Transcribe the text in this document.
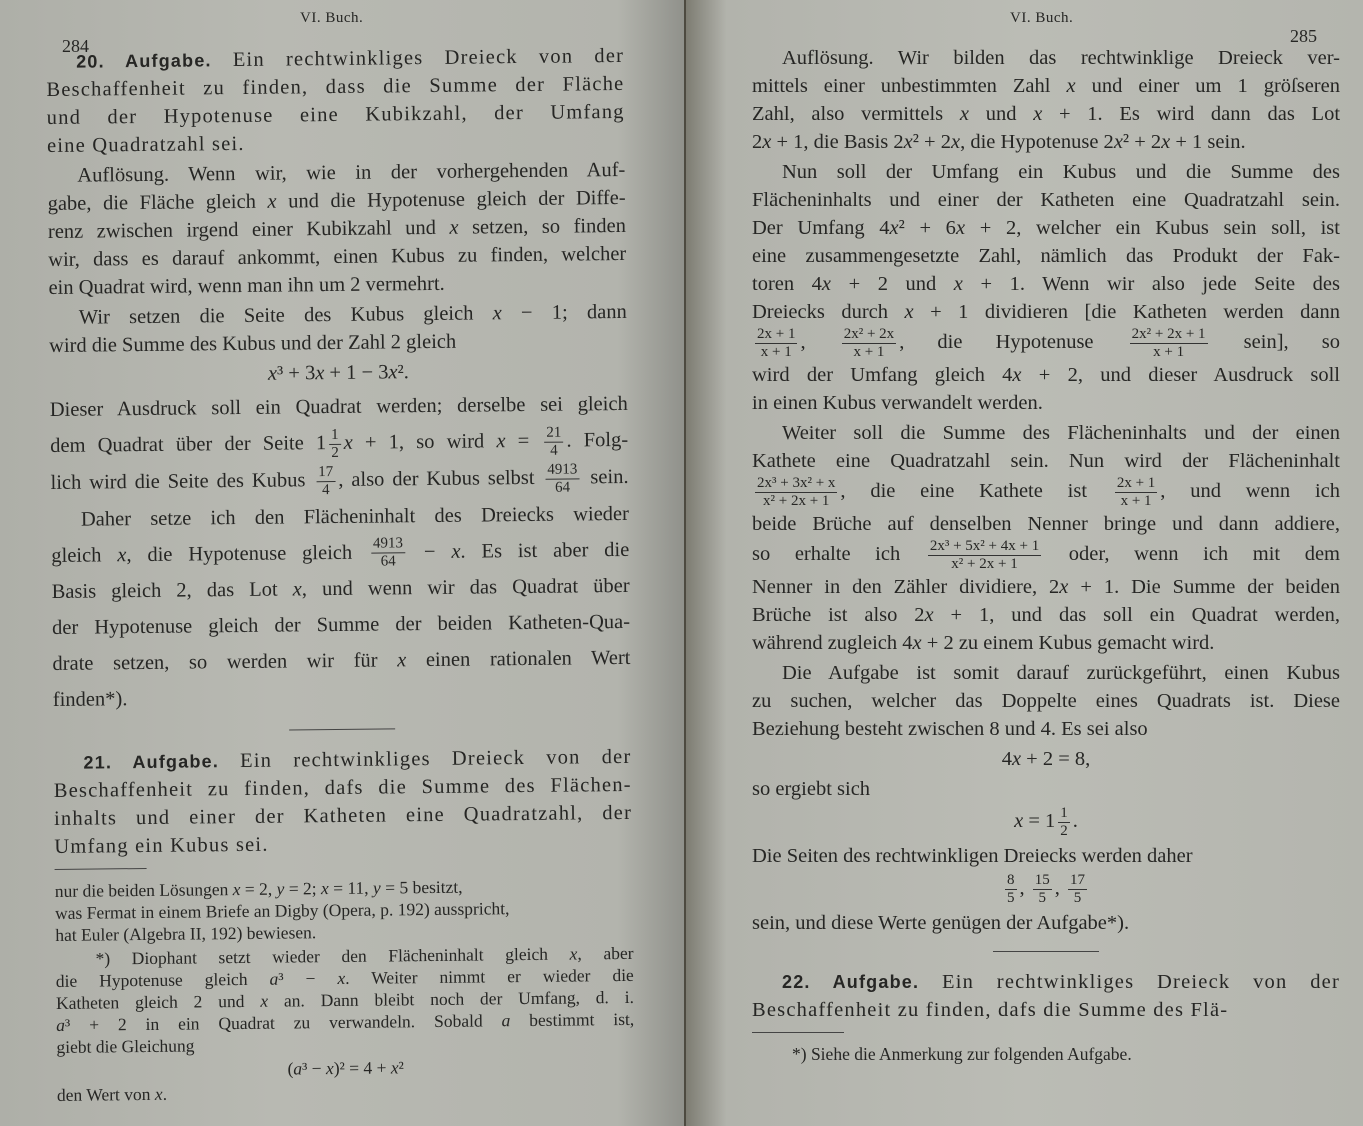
VI. Buch.
284
20. Aufgabe. Ein rechtwinkliges Dreieck von der
Beschaffenheit zu finden, dass die Summe der Fläche
und der Hypotenuse eine Kubikzahl, der Umfang
eine Quadratzahl sei.
Auflösung. Wenn wir, wie in der vorhergehenden Auf-
gabe, die Fläche gleich x und die Hypotenuse gleich der Diffe-
renz zwischen irgend einer Kubikzahl und x setzen, so finden
wir, dass es darauf ankommt, einen Kubus zu finden, welcher
ein Quadrat wird, wenn man ihn um 2 vermehrt.
Wir setzen die Seite des Kubus gleich x − 1; dann
wird die Summe des Kubus und der Zahl 2 gleich
x³ + 3x + 1 − 3x².
Dieser Ausdruck soll ein Quadrat werden; derselbe sei gleich
dem Quadrat über der Seite $1 \frac{1}{2}$ x + 1, so wird $x = \frac{21}{4}$ . Folg-
lich wird die Seite des Kubus $\frac{17}{4}$ , also der Kubus selbst $\frac{4913}{64}$ sein.
Daher setze ich den Flächeninhalt des Dreiecks wieder
gleich x, die Hypotenuse gleich $\frac{4913}{64} - x$. Es ist aber die
Basis gleich 2, das Lot x, und wenn wir das Quadrat über
der Hypotenuse gleich der Summe der beiden Katheten-Qua-
drate setzen, so werden wir für x einen rationalen Wert
finden*).
21. Aufgabe. Ein rechtwinkliges Dreieck von der
Beschaffenheit zu finden, dafs die Summe des Flächen-
inhalts und einer der Katheten eine Quadratzahl, der
Umfang ein Kubus sei.
nur die beiden Lösungen x = 2, y = 2; x = 11, y = 5 besitzt,
was Fermat in einem Briefe an Digby (Opera, p. 192) ausspricht,
hat Euler (Algebra II, 192) bewiesen.
*) Diophant setzt wieder den Flächeninhalt gleich x, aber
die Hypotenuse gleich a³ − x. Weiter nimmt er wieder die
Katheten gleich 2 und x an. Dann bleibt noch der Umfang, d. i.
a³ + 2 in ein Quadrat zu verwandeln. Sobald a bestimmt ist,
giebt die Gleichung
(a³ − x)² = 4 + x²
den Wert von x.
VI. Buch.
285
Auflösung. Wir bilden das rechtwinklige Dreieck ver-
mittels einer unbestimmten Zahl x und einer um 1 gröſseren
Zahl, also vermittels x und x + 1. Es wird dann das Lot
2x + 1, die Basis 2x² + 2x, die Hypotenuse 2x² + 2x + 1 sein.
Nun soll der Umfang ein Kubus und die Summe des
Flächeninhalts und einer der Katheten eine Quadratzahl sein.
Der Umfang 4x² + 6x + 2, welcher ein Kubus sein soll, ist
eine zusammengesetzte Zahl, nämlich das Produkt der Fak-
toren 4x + 2 und x + 1. Wenn wir also jede Seite des
Dreiecks durch x + 1 dividieren [die Katheten werden dann
$\frac{2x + 1}{x + 1}$ , $\frac{\text{2x² + 2x}}{x + 1}$ , die Hypotenuse $\frac{\text{2x² + 2x + 1}}{x + 1}$ sein], so
wird der Umfang gleich 4x + 2, und dieser Ausdruck soll
in einen Kubus verwandelt werden.
Weiter soll die Summe des Flächeninhalts und der einen
Kathete eine Quadratzahl sein. Nun wird der Flächeninhalt
$\frac{\text{2x³ + 3x² + x}}{\text{x² + 2x + 1}}$ , die eine Kathete ist $\frac{2x + 1}{x + 1}$ , und wenn ich
beide Brüche auf denselben Nenner bringe und dann addiere,
so erhalte ich $\frac{\text{2x³ + 5x² + 4x + 1}}{\text{x² + 2x + 1}}$ oder, wenn ich mit dem
Nenner in den Zähler dividiere, 2x + 1. Die Summe der beiden
Brüche ist also 2x + 1, und das soll ein Quadrat werden,
während zugleich 4x + 2 zu einem Kubus gemacht wird.
Die Aufgabe ist somit darauf zurückgeführt, einen Kubus
zu suchen, welcher das Doppelte eines Quadrats ist. Diese
Beziehung besteht zwischen 8 und 4. Es sei also
4x + 2 = 8,
so ergiebt sich
$x = 1 \frac{1}{2}$ .
Die Seiten des rechtwinkligen Dreiecks werden daher
$\frac{8}{5}$ , $\frac{15}{5}$ , $\frac{17}{5}$
sein, und diese Werte genügen der Aufgabe*).
22. Aufgabe. Ein rechtwinkliges Dreieck von der
Beschaffenheit zu finden, dafs die Summe des Flä-
*) Siehe die Anmerkung zur folgenden Aufgabe.
